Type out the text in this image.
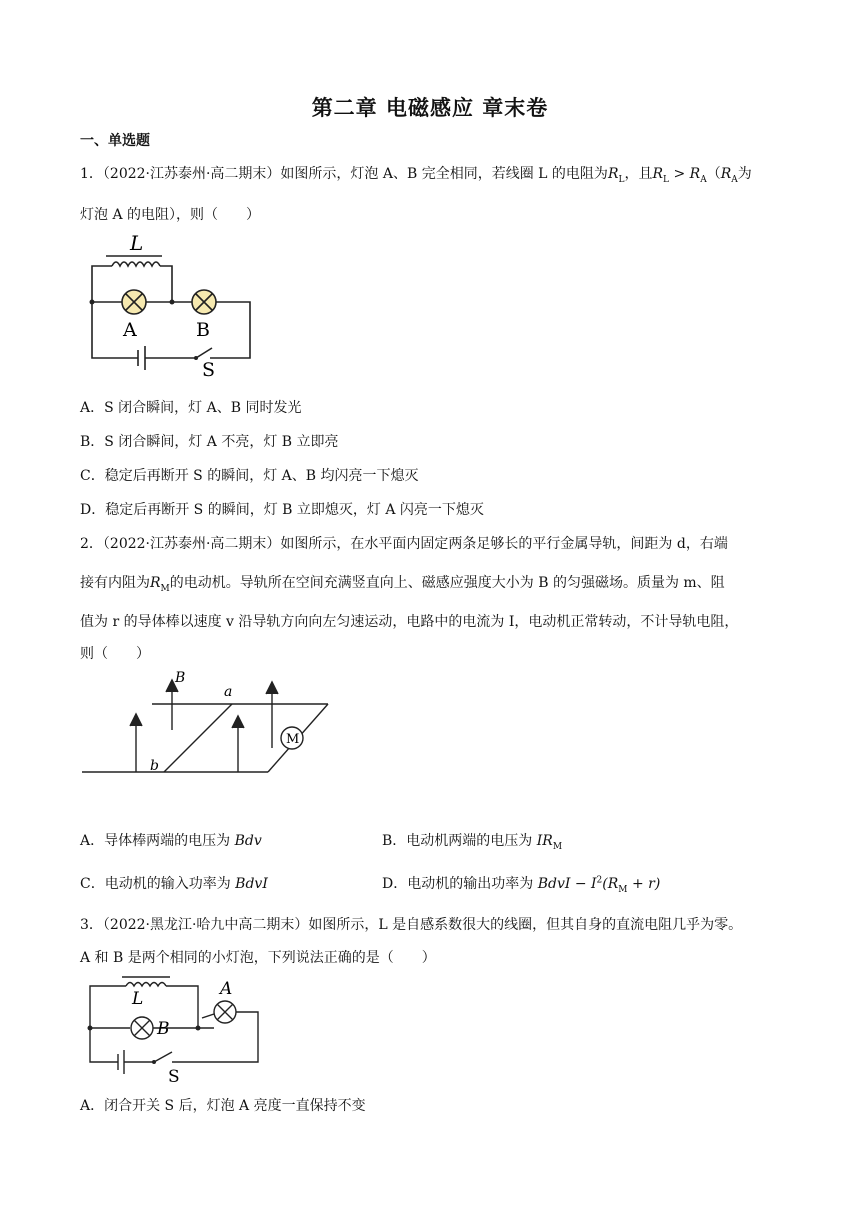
第二章 电磁感应 章末卷
一、单选题
1．（2022·江苏泰州·高二期末）如图所示，灯泡 A、B 完全相同，若线圈 L 的电阻为$R_L$，且$R_L > R_A(R_A$为
灯泡 A 的电阻），则（　　）
L
A	B
S
A．S 闭合瞬间，灯 A、B 同时发光
B．S 闭合瞬间，灯 A 不亮，灯 B 立即亮
C．稳定后再断开 S 的瞬间，灯 A、B 均闪亮一下熄灭
D．稳定后再断开 S 的瞬间，灯 B 立即熄灭，灯 A 闪亮一下熄灭
2．（2022·江苏泰州·高二期末）如图所示，在水平面内固定两条足够长的平行金属导轨，间距为 d，右端
接有内阻为$R_M$的电动机。导轨所在空间充满竖直向上、磁感应强度大小为 B 的匀强磁场。质量为 m、阻
值为 r 的导体棒以速度 v 沿导轨方向向左匀速运动，电路中的电流为 I，电动机正常转动，不计导轨电阻，
则（　　）
B
a
b
M
A．导体棒两端的电压为 Bdv	B．电动机两端的电压为 $IR_M$
C．电动机的输入功率为 BdvI	D．电动机的输出功率为 BdvI − $I^2(R_M + r)$
3．（2022·黑龙江·哈九中高二期末）如图所示，L 是自感系数很大的线圈，但其自身的直流电阻几乎为零。
A 和 B 是两个相同的小灯泡，下列说法正确的是（　　）
L
B
A
S
A．闭合开关 S 后，灯泡 A 亮度一直保持不变
